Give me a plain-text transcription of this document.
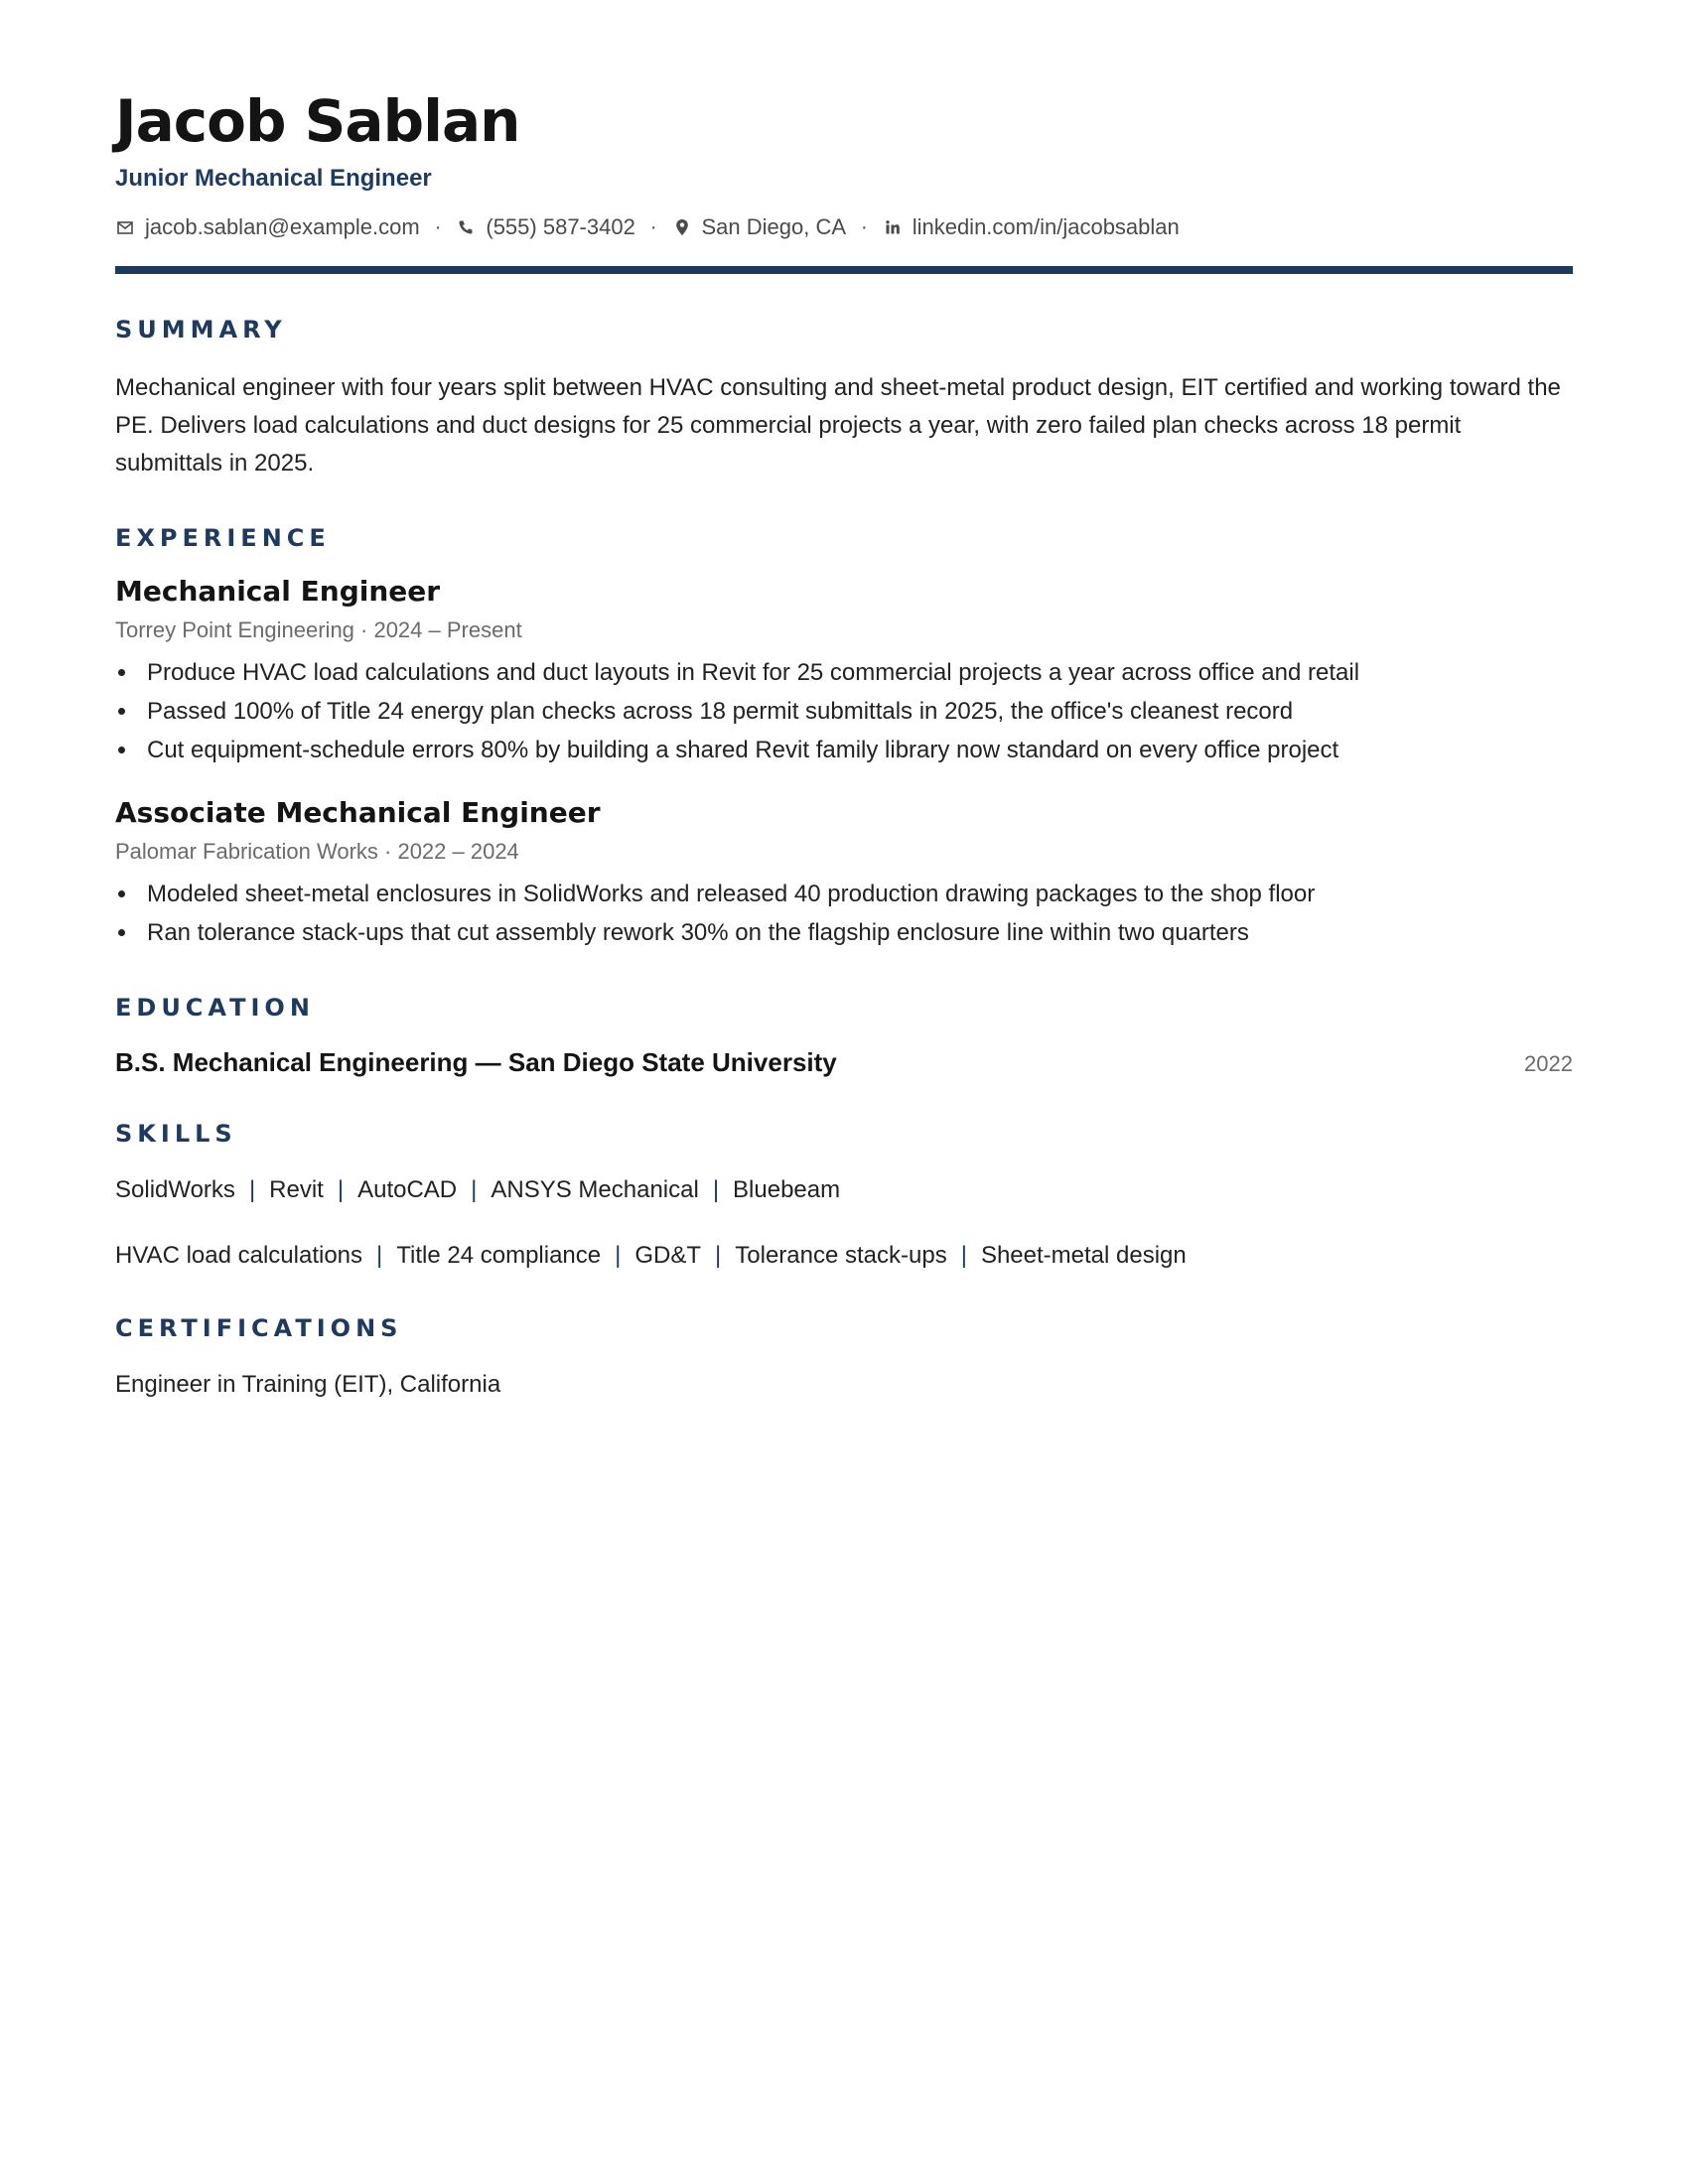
Jacob Sablan
Junior Mechanical Engineer
jacob.sablan@example.com · (555) 587-3402 · San Diego, CA · linkedin.com/in/jacobsablan
SUMMARY
Mechanical engineer with four years split between HVAC consulting and sheet-metal product design, EIT certified and working toward the PE. Delivers load calculations and duct designs for 25 commercial projects a year, with zero failed plan checks across 18 permit submittals in 2025.
EXPERIENCE
Mechanical Engineer
Torrey Point Engineering · 2024 – Present
Produce HVAC load calculations and duct layouts in Revit for 25 commercial projects a year across office and retail
Passed 100% of Title 24 energy plan checks across 18 permit submittals in 2025, the office's cleanest record
Cut equipment-schedule errors 80% by building a shared Revit family library now standard on every office project
Associate Mechanical Engineer
Palomar Fabrication Works · 2022 – 2024
Modeled sheet-metal enclosures in SolidWorks and released 40 production drawing packages to the shop floor
Ran tolerance stack-ups that cut assembly rework 30% on the flagship enclosure line within two quarters
EDUCATION
B.S. Mechanical Engineering — San Diego State University	2022
SKILLS
SolidWorks | Revit | AutoCAD | ANSYS Mechanical | Bluebeam
HVAC load calculations | Title 24 compliance | GD&T | Tolerance stack-ups | Sheet-metal design
CERTIFICATIONS
Engineer in Training (EIT), California
